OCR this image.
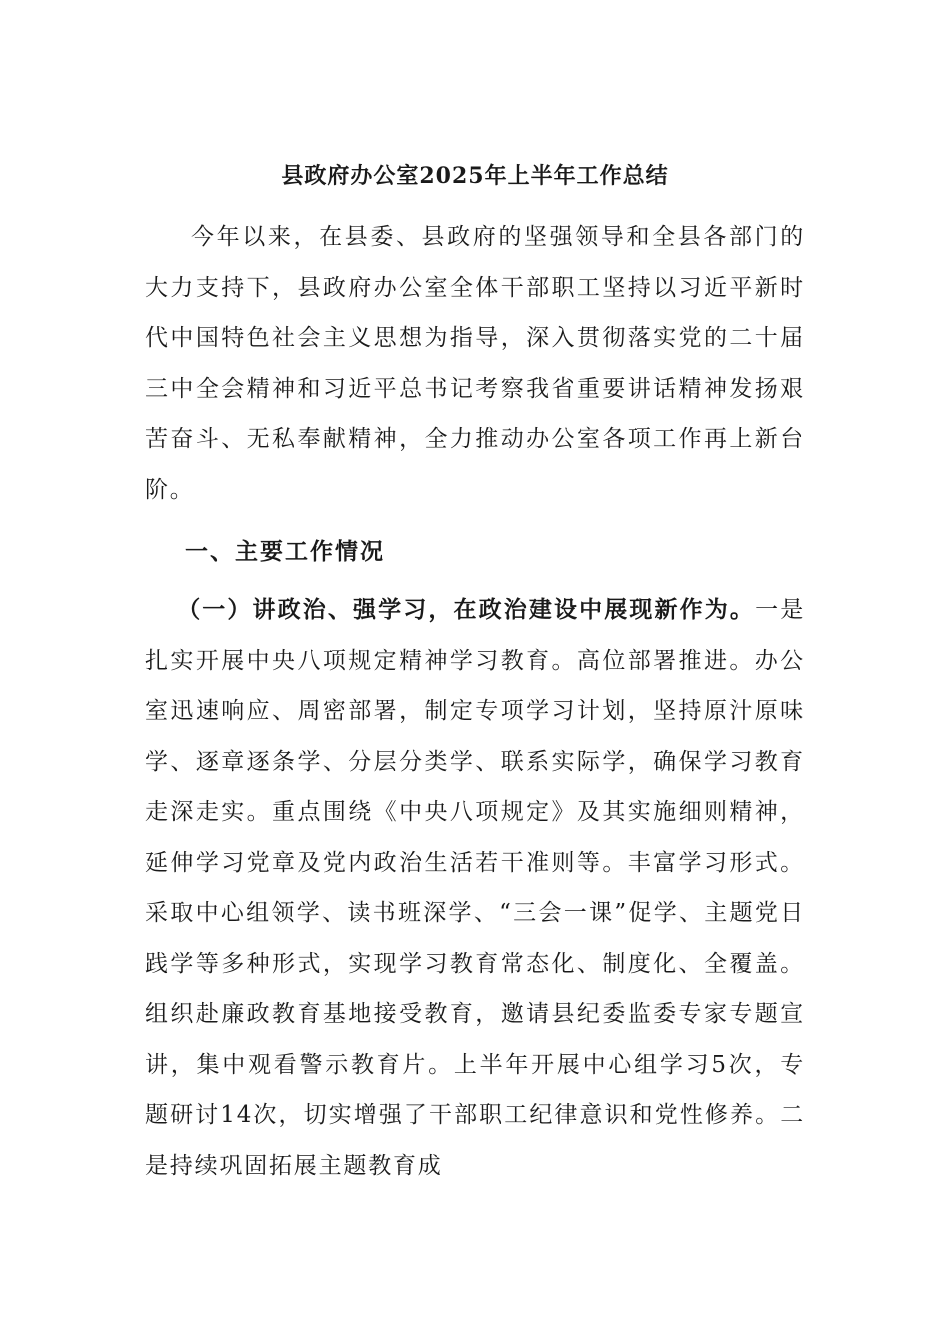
县政府办公室2025年上半年工作总结

今年以来，在县委、县政府的坚强领导和全县各部门的大力支持下，县政府办公室全体干部职工坚持以习近平新时代中国特色社会主义思想为指导，深入贯彻落实党的二十届三中全会精神和习近平总书记考察我省重要讲话精神发扬艰苦奋斗、无私奉献精神，全力推动办公室各项工作再上新台阶。

一、主要工作情况

（一）讲政治、强学习，在政治建设中展现新作为。一是扎实开展中央八项规定精神学习教育。高位部署推进。办公室迅速响应、周密部署，制定专项学习计划，坚持原汁原味学、逐章逐条学、分层分类学、联系实际学，确保学习教育走深走实。重点围绕《中央八项规定》及其实施细则精神，延伸学习党章及党内政治生活若干准则等。丰富学习形式。采取中心组领学、读书班深学、“三会一课”促学、主题党日践学等多种形式，实现学习教育常态化、制度化、全覆盖。组织赴廉政教育基地接受教育，邀请县纪委监委专家专题宣讲，集中观看警示教育片。上半年开展中心组学习5次，专题研讨14次，切实增强了干部职工纪律意识和党性修养。二是持续巩固拓展主题教育成
